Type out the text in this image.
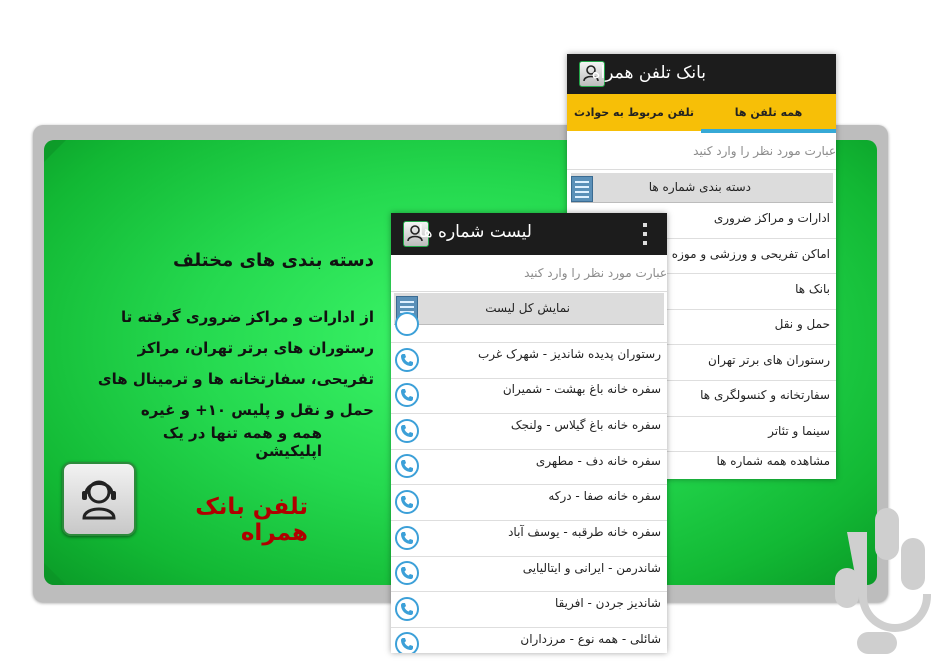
دسته بندی های مختلف
از ادارات و مراکز ضروری گرفته تا رستوران های برتر تهران، مراکز تفریحی، سفارتخانه ها و ترمینال های حمل و نقل و پلیس ۱۰+ و غیره
همه و همه تنها در یک اپلیکیشن
تلفن بانک همراه
بانک تلفن همراه
همه تلفن ها
تلفن مربوط به حوادث
عبارت مورد نظر را وارد کنید
دسته بندی شماره ها
ادارات و مراکز ضروری
اماکن تفریحی و ورزشی و موزه
بانک ها
حمل و نقل
رستوران های برتر تهران
سفارتخانه و کنسولگری ها
سینما و تئاتر
مشاهده همه شماره ها
لیست شماره ها
عبارت مورد نظر را وارد کنید
نمایش کل لیست
رستوران پدیده شاندیز - شهرک غرب
سفره خانه باغ بهشت - شمیران
سفره خانه باغ گیلاس - ولنجک
سفره خانه دف - مطهری
سفره خانه صفا - درکه
سفره خانه طرقبه - یوسف آباد
شاندرمن - ایرانی و ایتالیایی
شاندیز جردن - افریقا
شائلی - همه نوع - مرزداران
